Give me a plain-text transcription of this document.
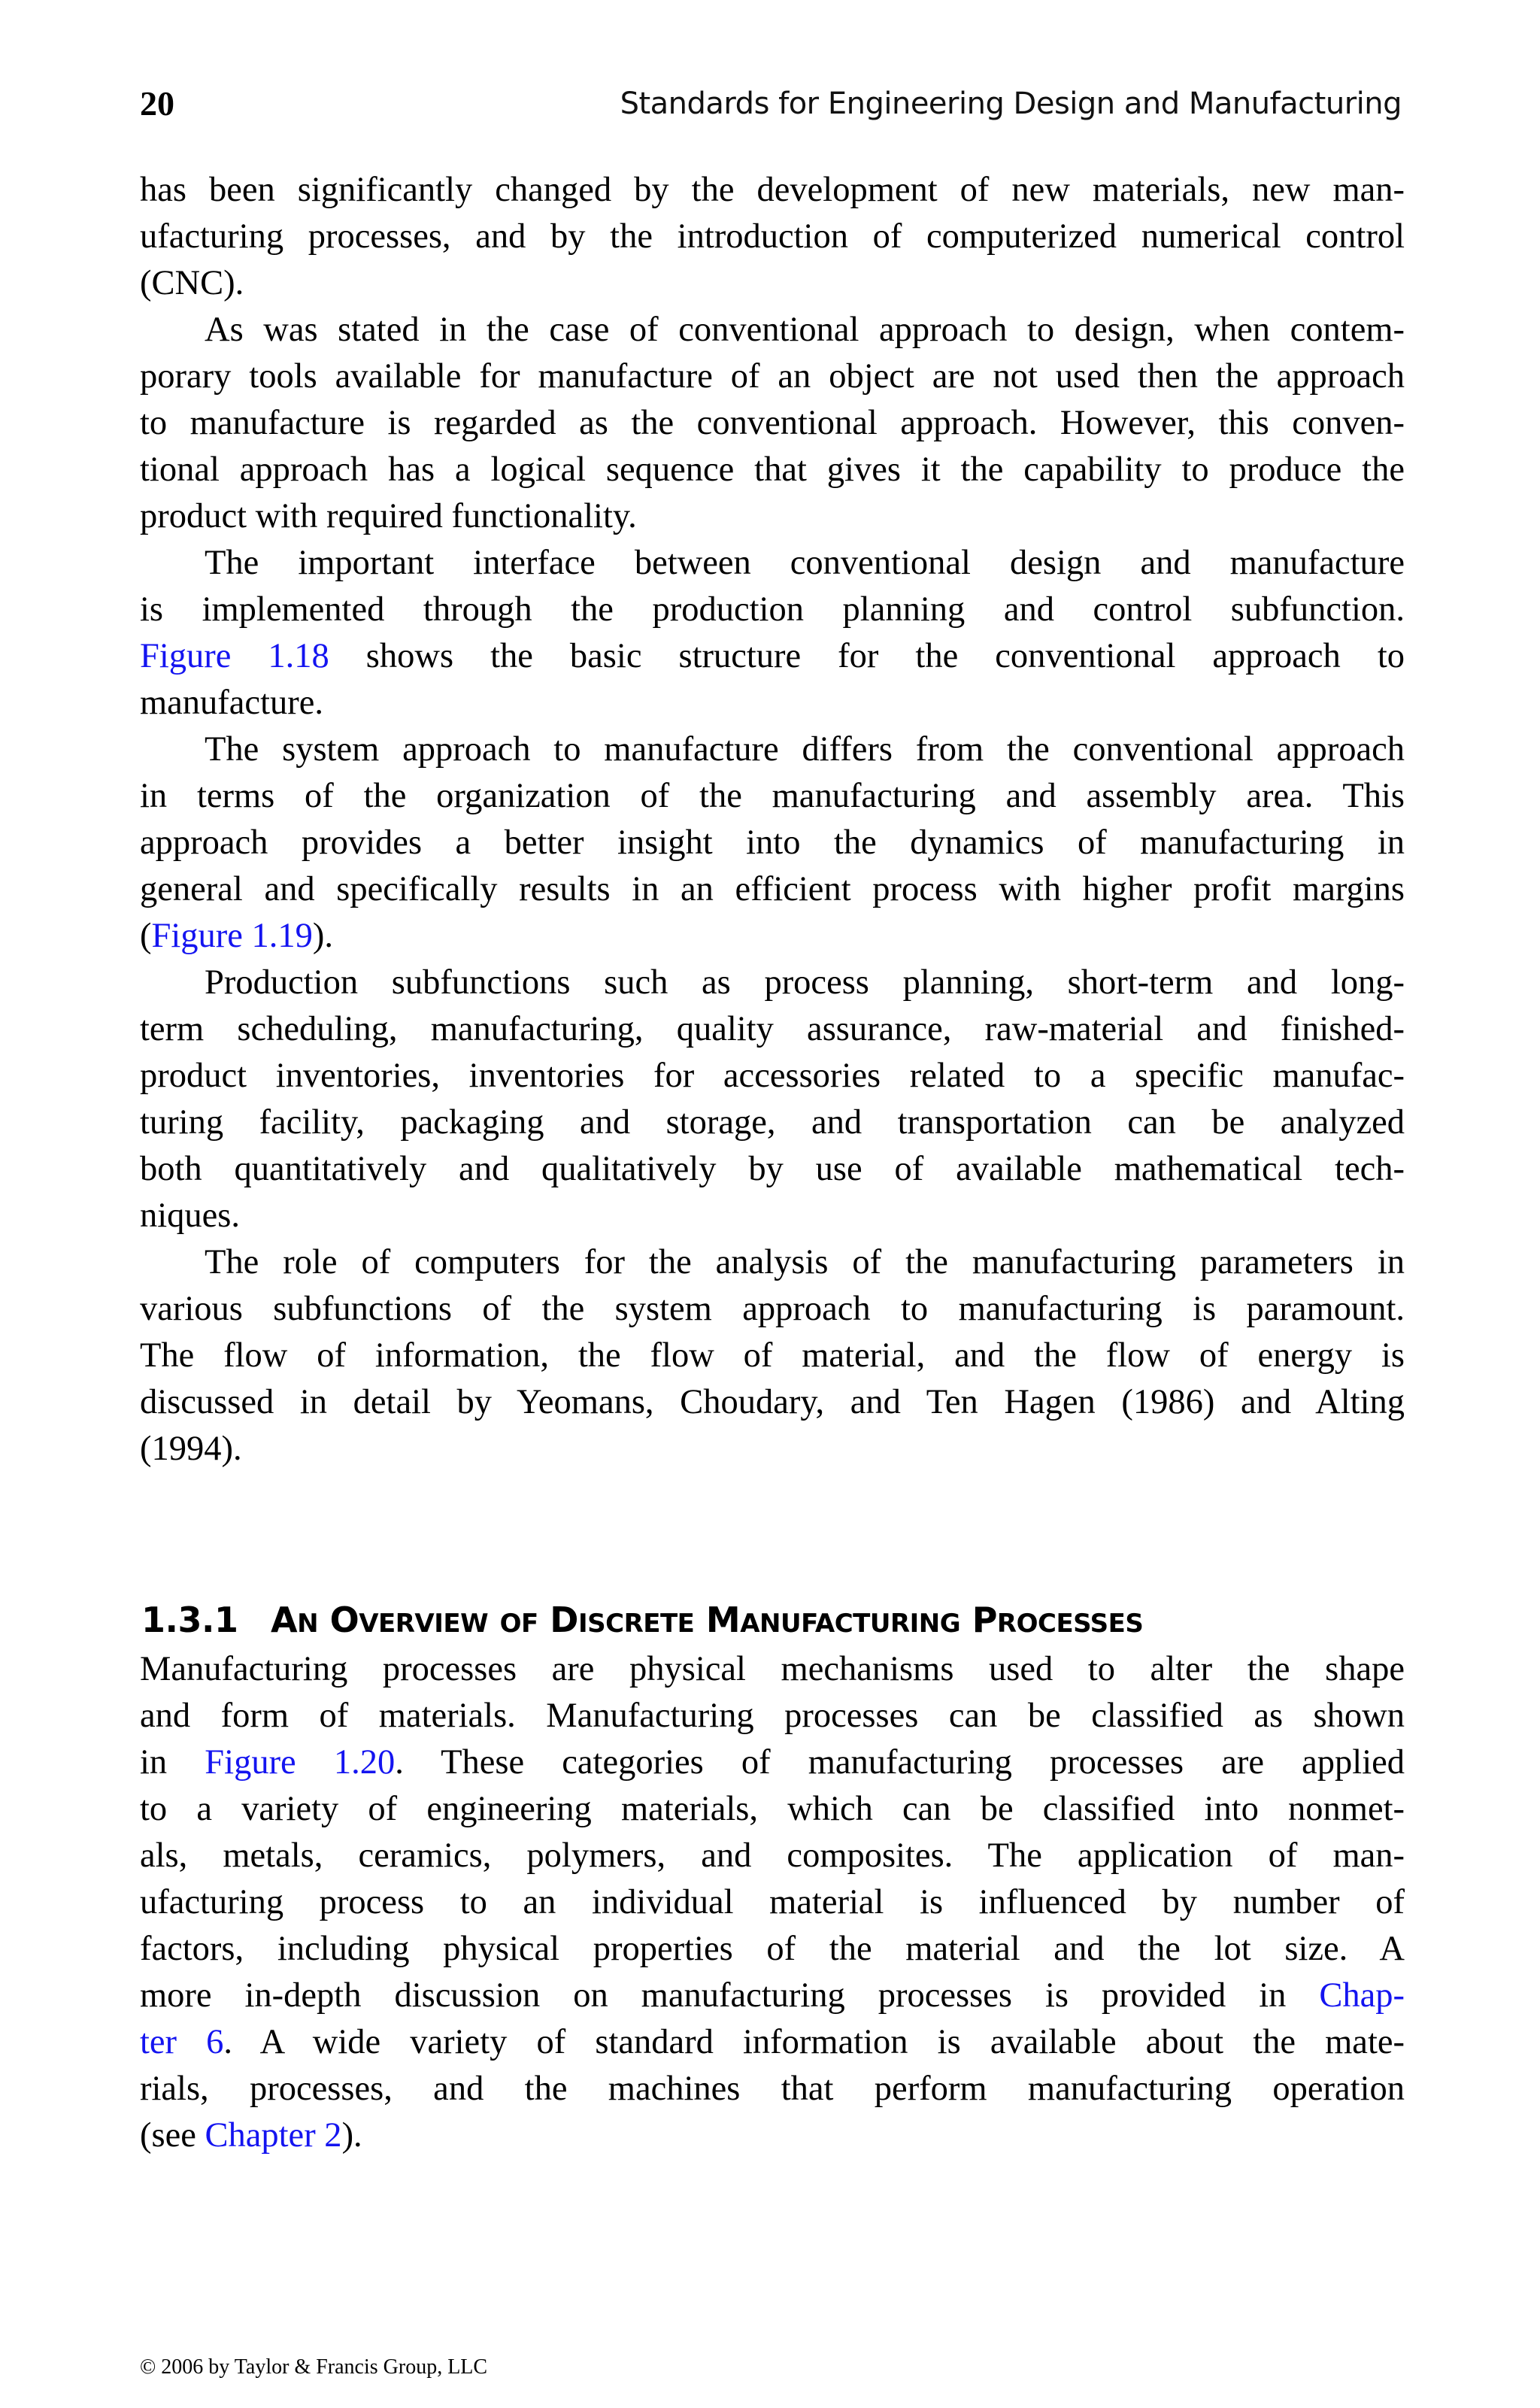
20	Standards for Engineering Design and Manufacturing

has been significantly changed by the development of new materials, new man-
ufacturing processes, and by the introduction of computerized numerical control
(CNC).

As was stated in the case of conventional approach to design, when contem-
porary tools available for manufacture of an object are not used then the approach
to manufacture is regarded as the conventional approach. However, this conven-
tional approach has a logical sequence that gives it the capability to produce the
product with required functionality.

The important interface between conventional design and manufacture
is implemented through the production planning and control subfunction.
Figure 1.18 shows the basic structure for the conventional approach to
manufacture.

The system approach to manufacture differs from the conventional approach
in terms of the organization of the manufacturing and assembly area. This
approach provides a better insight into the dynamics of manufacturing in
general and specifically results in an efficient process with higher profit margins
(Figure 1.19).

Production subfunctions such as process planning, short-term and long-
term scheduling, manufacturing, quality assurance, raw-material and finished-
product inventories, inventories for accessories related to a specific manufac-
turing facility, packaging and storage, and transportation can be analyzed
both quantitatively and qualitatively by use of available mathematical tech-
niques.

The role of computers for the analysis of the manufacturing parameters in
various subfunctions of the system approach to manufacturing is paramount.
The flow of information, the flow of material, and the flow of energy is
discussed in detail by Yeomans, Choudary, and Ten Hagen (1986) and Alting
(1994).

1.3.1 AN OVERVIEW OF DISCRETE MANUFACTURING PROCESSES

Manufacturing processes are physical mechanisms used to alter the shape
and form of materials. Manufacturing processes can be classified as shown
in Figure 1.20. These categories of manufacturing processes are applied
to a variety of engineering materials, which can be classified into nonmet-
als, metals, ceramics, polymers, and composites. The application of man-
ufacturing process to an individual material is influenced by number of
factors, including physical properties of the material and the lot size. A
more in-depth discussion on manufacturing processes is provided in Chap-
ter 6. A wide variety of standard information is available about the mate-
rials, processes, and the machines that perform manufacturing operation
(see Chapter 2).

© 2006 by Taylor & Francis Group, LLC
